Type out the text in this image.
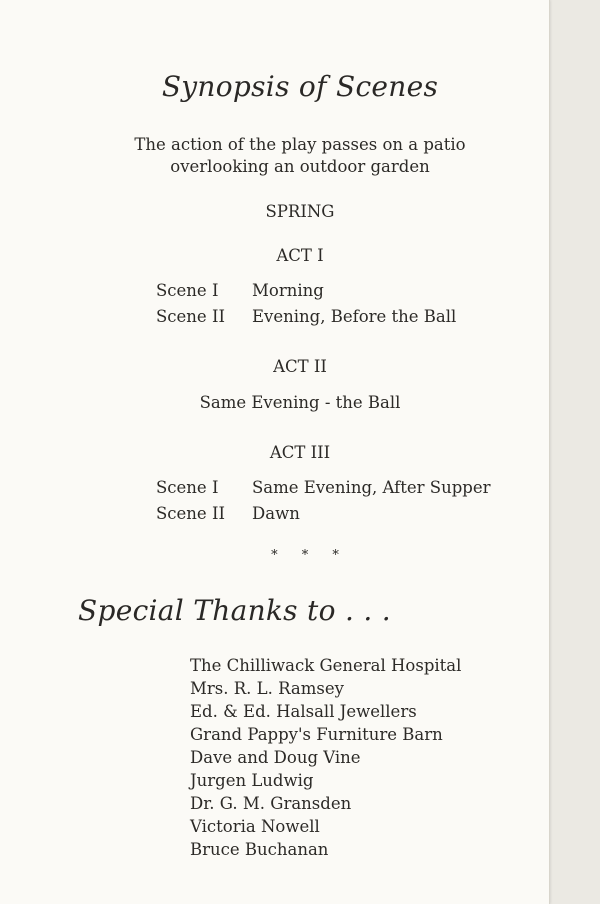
Synopsis of Scenes
The action of the play passes on a patio
overlooking an outdoor garden
SPRING
ACT I
Scene I Morning
Scene II Evening, Before the Ball
ACT II
Same Evening - the Ball
ACT III
Scene I Same Evening, After Supper
Scene II Dawn
* * *
Special Thanks to . . .
The Chilliwack General Hospital
Mrs. R. L. Ramsey
Ed. & Ed. Halsall Jewellers
Grand Pappy's Furniture Barn
Dave and Doug Vine
Jurgen Ludwig
Dr. G. M. Gransden
Victoria Nowell
Bruce Buchanan
